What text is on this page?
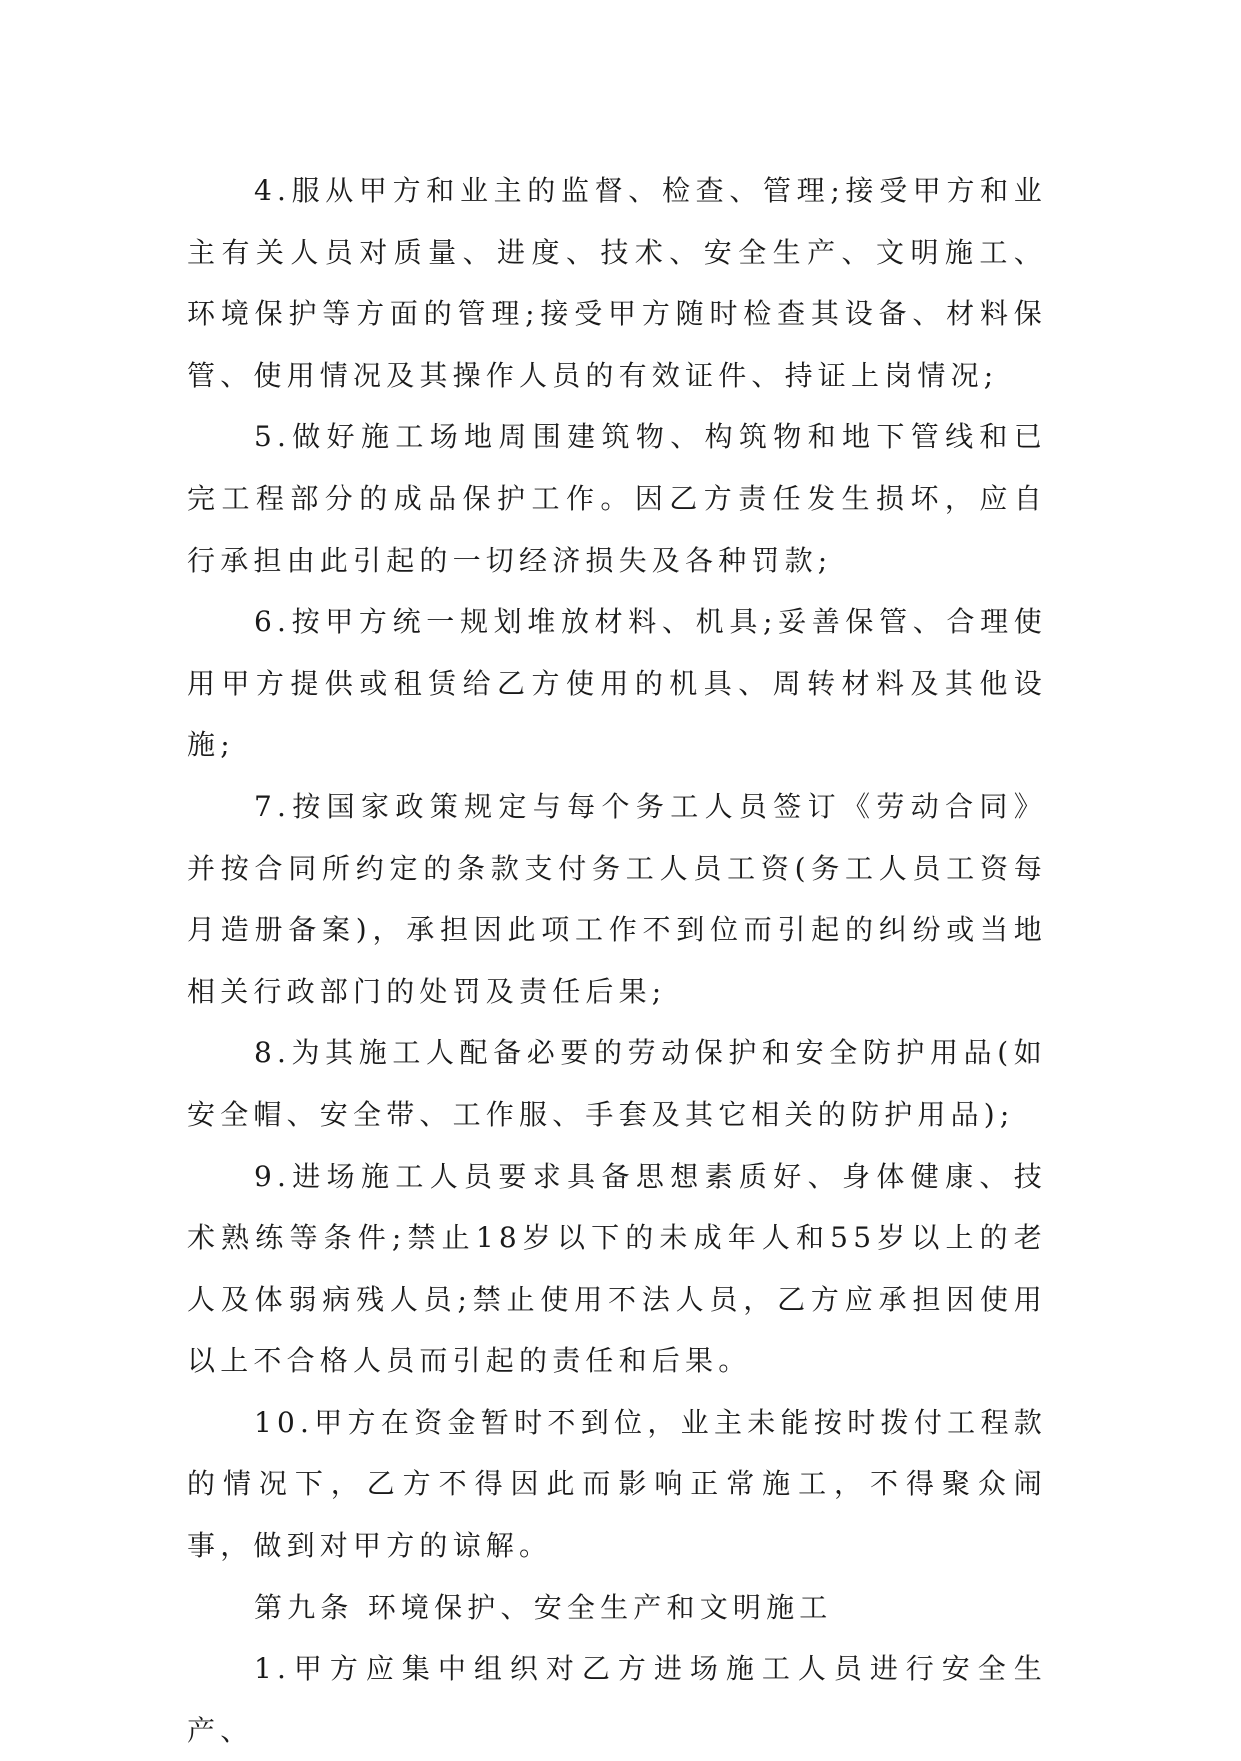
4.服从甲方和业主的监督、检查、管理;接受甲方和业主有关人员对质量、进度、技术、安全生产、文明施工、环境保护等方面的管理;接受甲方随时检查其设备、材料保管、使用情况及其操作人员的有效证件、持证上岗情况;

5.做好施工场地周围建筑物、构筑物和地下管线和已完工程部分的成品保护工作。因乙方责任发生损坏，应自行承担由此引起的一切经济损失及各种罚款;

6.按甲方统一规划堆放材料、机具;妥善保管、合理使用甲方提供或租赁给乙方使用的机具、周转材料及其他设施;

7.按国家政策规定与每个务工人员签订《劳动合同》并按合同所约定的条款支付务工人员工资(务工人员工资每月造册备案)，承担因此项工作不到位而引起的纠纷或当地相关行政部门的处罚及责任后果;

8.为其施工人配备必要的劳动保护和安全防护用品(如安全帽、安全带、工作服、手套及其它相关的防护用品);

9.进场施工人员要求具备思想素质好、身体健康、技术熟练等条件;禁止18岁以下的未成年人和55岁以上的老人及体弱病残人员;禁止使用不法人员，乙方应承担因使用以上不合格人员而引起的责任和后果。

10.甲方在资金暂时不到位，业主未能按时拨付工程款的情况下，乙方不得因此而影响正常施工，不得聚众闹事，做到对甲方的谅解。

第九条 环境保护、安全生产和文明施工

1.甲方应集中组织对乙方进场施工人员进行安全生产、
